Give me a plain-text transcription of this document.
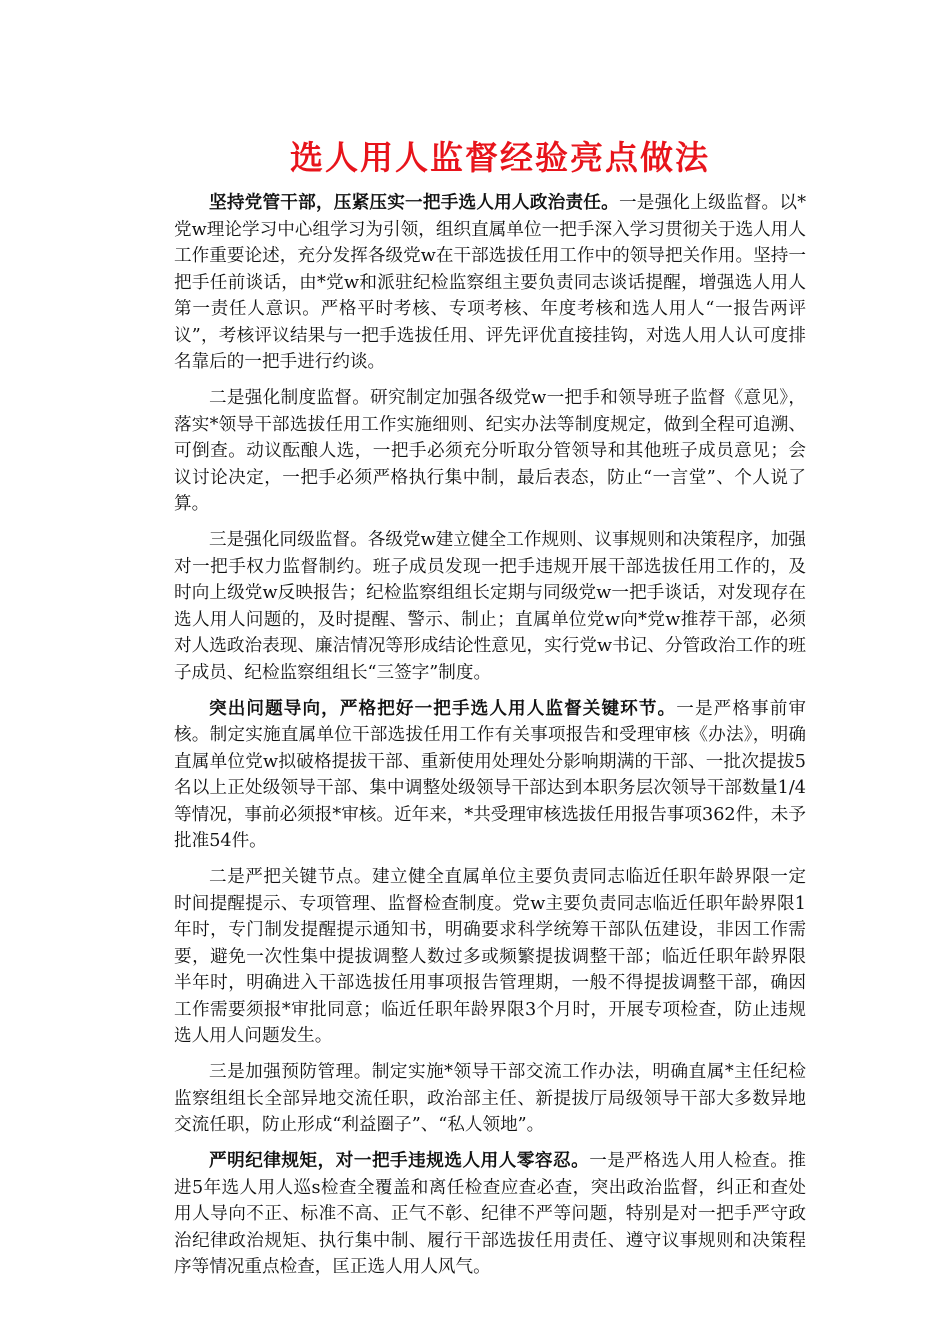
选人用人监督经验亮点做法

坚持党管干部，压紧压实一把手选人用人政治责任。一是强化上级监督。以*党w理论学习中心组学习为引领，组织直属单位一把手深入学习贯彻关于选人用人工作重要论述，充分发挥各级党w在干部选拔任用工作中的领导把关作用。坚持一把手任前谈话，由*党w和派驻纪检监察组主要负责同志谈话提醒，增强选人用人第一责任人意识。严格平时考核、专项考核、年度考核和选人用人“一报告两评议”，考核评议结果与一把手选拔任用、评先评优直接挂钩，对选人用人认可度排名靠后的一把手进行约谈。

二是强化制度监督。研究制定加强各级党w一把手和领导班子监督《意见》，落实*领导干部选拔任用工作实施细则、纪实办法等制度规定，做到全程可追溯、可倒查。动议酝酿人选，一把手必须充分听取分管领导和其他班子成员意见；会议讨论决定，一把手必须严格执行集中制，最后表态，防止“一言堂”、个人说了算。

三是强化同级监督。各级党w建立健全工作规则、议事规则和决策程序，加强对一把手权力监督制约。班子成员发现一把手违规开展干部选拔任用工作的，及时向上级党w反映报告；纪检监察组组长定期与同级党w一把手谈话，对发现存在选人用人问题的，及时提醒、警示、制止；直属单位党w向*党w推荐干部，必须对人选政治表现、廉洁情况等形成结论性意见，实行党w书记、分管政治工作的班子成员、纪检监察组组长“三签字”制度。

突出问题导向，严格把好一把手选人用人监督关键环节。一是严格事前审核。制定实施直属单位干部选拔任用工作有关事项报告和受理审核《办法》，明确直属单位党w拟破格提拔干部、重新使用处理处分影响期满的干部、一批次提拔5名以上正处级领导干部、集中调整处级领导干部达到本职务层次领导干部数量1/4等情况，事前必须报*审核。近年来，*共受理审核选拔任用报告事项362件，未予批准54件。

二是严把关键节点。建立健全直属单位主要负责同志临近任职年龄界限一定时间提醒提示、专项管理、监督检查制度。党w主要负责同志临近任职年龄界限1年时，专门制发提醒提示通知书，明确要求科学统筹干部队伍建设，非因工作需要，避免一次性集中提拔调整人数过多或频繁提拔调整干部；临近任职年龄界限半年时，明确进入干部选拔任用事项报告管理期，一般不得提拔调整干部，确因工作需要须报*审批同意；临近任职年龄界限3个月时，开展专项检查，防止违规选人用人问题发生。

三是加强预防管理。制定实施*领导干部交流工作办法，明确直属*主任纪检监察组组长全部异地交流任职，政治部主任、新提拔厅局级领导干部大多数异地交流任职，防止形成“利益圈子”、“私人领地”。

严明纪律规矩，对一把手违规选人用人零容忍。一是严格选人用人检查。推进5年选人用人巡s检查全覆盖和离任检查应查必查，突出政治监督，纠正和查处用人导向不正、标准不高、正气不彰、纪律不严等问题，特别是对一把手严守政治纪律政治规矩、执行集中制、履行干部选拔任用责任、遵守议事规则和决策程序等情况重点检查，匡正选人用人风气。
